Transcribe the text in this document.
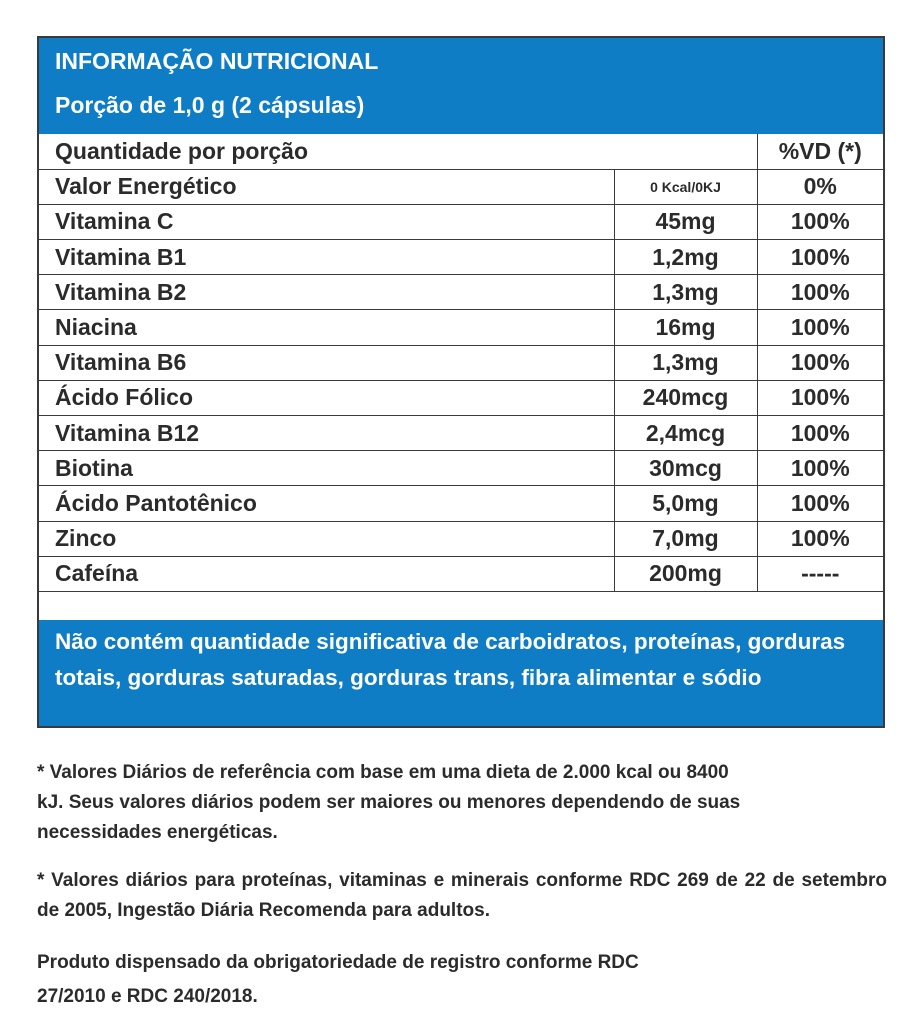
INFORMAÇÃO NUTRICIONAL
Porção de 1,0 g (2 cápsulas)
Quantidade por porção		%VD (*)
Valor Energético	0 Kcal/0KJ	0%
Vitamina C	45mg	100%
Vitamina B1	1,2mg	100%
Vitamina B2	1,3mg	100%
Niacina	16mg	100%
Vitamina B6	1,3mg	100%
Ácido Fólico	240mcg	100%
Vitamina B12	2,4mcg	100%
Biotina	30mcg	100%
Ácido Pantotênico	5,0mg	100%
Zinco	7,0mg	100%
Cafeína	200mg	-----
Não contém quantidade significativa de carboidratos, proteínas, gorduras totais, gorduras saturadas, gorduras trans, fibra alimentar e sódio
* Valores Diários de referência com base em uma dieta de 2.000 kcal ou 8400 kJ. Seus valores diários podem ser maiores ou menores dependendo de suas necessidades energéticas.
* Valores diários para proteínas, vitaminas e minerais conforme RDC 269 de 22 de setembro de 2005, Ingestão Diária Recomenda para adultos.
Produto dispensado da obrigatoriedade de registro conforme RDC 27/2010 e RDC 240/2018.
